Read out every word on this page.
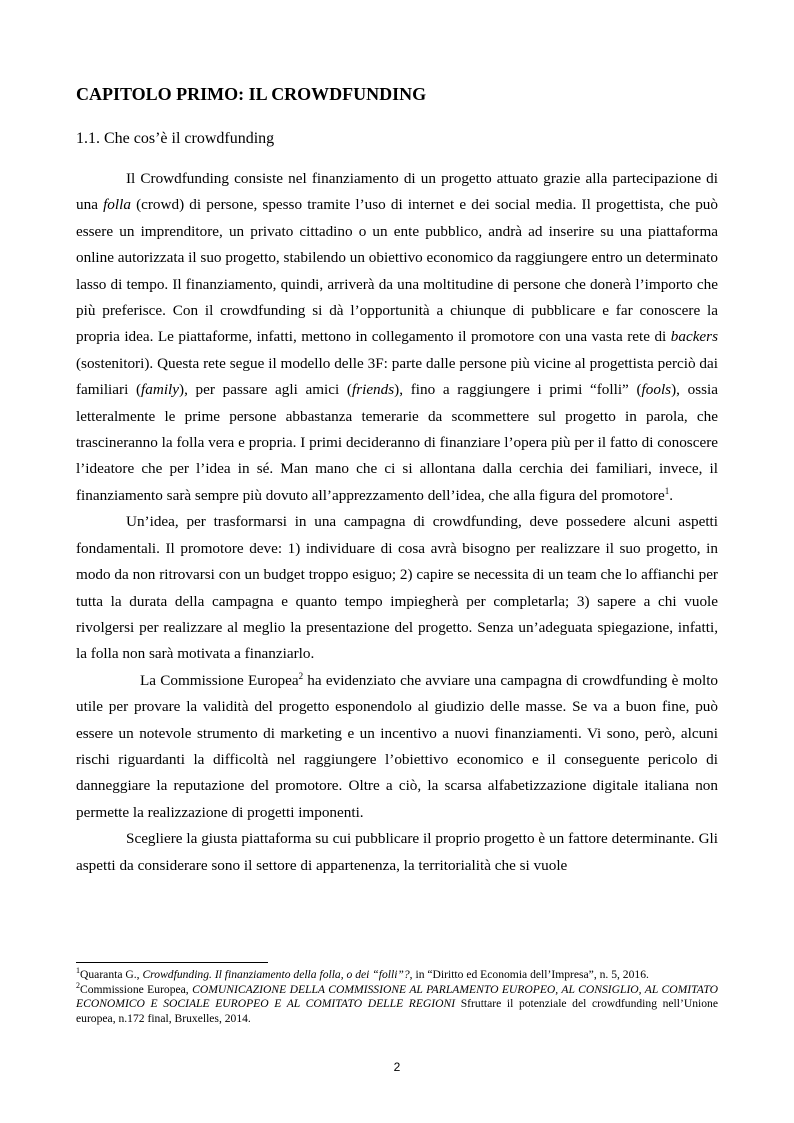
CAPITOLO PRIMO: IL CROWDFUNDING
1.1. Che cos’è il crowdfunding

Il Crowdfunding consiste nel finanziamento di un progetto attuato grazie alla partecipazione di una folla (crowd) di persone, spesso tramite l’uso di internet e dei social media. Il progettista, che può essere un imprenditore, un privato cittadino o un ente pubblico, andrà ad inserire su una piattaforma online autorizzata il suo progetto, stabilendo un obiettivo economico da raggiungere entro un determinato lasso di tempo. Il finanziamento, quindi, arriverà da una moltitudine di persone che donerà l’importo che più preferisce. Con il crowdfunding si dà l’opportunità a chiunque di pubblicare e far conoscere la propria idea. Le piattaforme, infatti, mettono in collegamento il promotore con una vasta rete di backers (sostenitori). Questa rete segue il modello delle 3F: parte dalle persone più vicine al progettista perciò dai familiari (family), per passare agli amici (friends), fino a raggiungere i primi “folli” (fools), ossia letteralmente le prime persone abbastanza temerarie da scommettere sul progetto in parola, che trascineranno la folla vera e propria. I primi decideranno di finanziare l’opera più per il fatto di conoscere l’ideatore che per l’idea in sé. Man mano che ci si allontana dalla cerchia dei familiari, invece, il finanziamento sarà sempre più dovuto all’apprezzamento dell’idea, che alla figura del promotore$^1$.

Un’idea, per trasformarsi in una campagna di crowdfunding, deve possedere alcuni aspetti fondamentali. Il promotore deve: 1) individuare di cosa avrà bisogno per realizzare il suo progetto, in modo da non ritrovarsi con un budget troppo esiguo; 2) capire se necessita di un team che lo affianchi per tutta la durata della campagna e quanto tempo impiegherà per completarla; 3) sapere a chi vuole rivolgersi per realizzare al meglio la presentazione del progetto. Senza un’adeguata spiegazione, infatti, la folla non sarà motivata a finanziarlo.

La Commissione Europea$^2$ ha evidenziato che avviare una campagna di crowdfunding è molto utile per provare la validità del progetto esponendolo al giudizio delle masse. Se va a buon fine, può essere un notevole strumento di marketing e un incentivo a nuovi finanziamenti. Vi sono, però, alcuni rischi riguardanti la difficoltà nel raggiungere l’obiettivo economico e il conseguente pericolo di danneggiare la reputazione del promotore. Oltre a ciò, la scarsa alfabetizzazione digitale italiana non permette la realizzazione di progetti imponenti.

Scegliere la giusta piattaforma su cui pubblicare il proprio progetto è un fattore determinante. Gli aspetti da considerare sono il settore di appartenenza, la territorialità che si vuole

$^1$Quaranta G., Crowdfunding. Il finanziamento della folla, o dei “folli”?, in “Diritto ed Economia dell’Impresa”, n. 5, 2016.

$^2$Commissione Europea, COMUNICAZIONE DELLA COMMISSIONE AL PARLAMENTO EUROPEO, AL CONSIGLIO, AL COMITATO ECONOMICO E SOCIALE EUROPEO E AL COMITATO DELLE REGIONI Sfruttare il potenziale del crowdfunding nell’Unione europea, n.172 final, Bruxelles, 2014.

2
